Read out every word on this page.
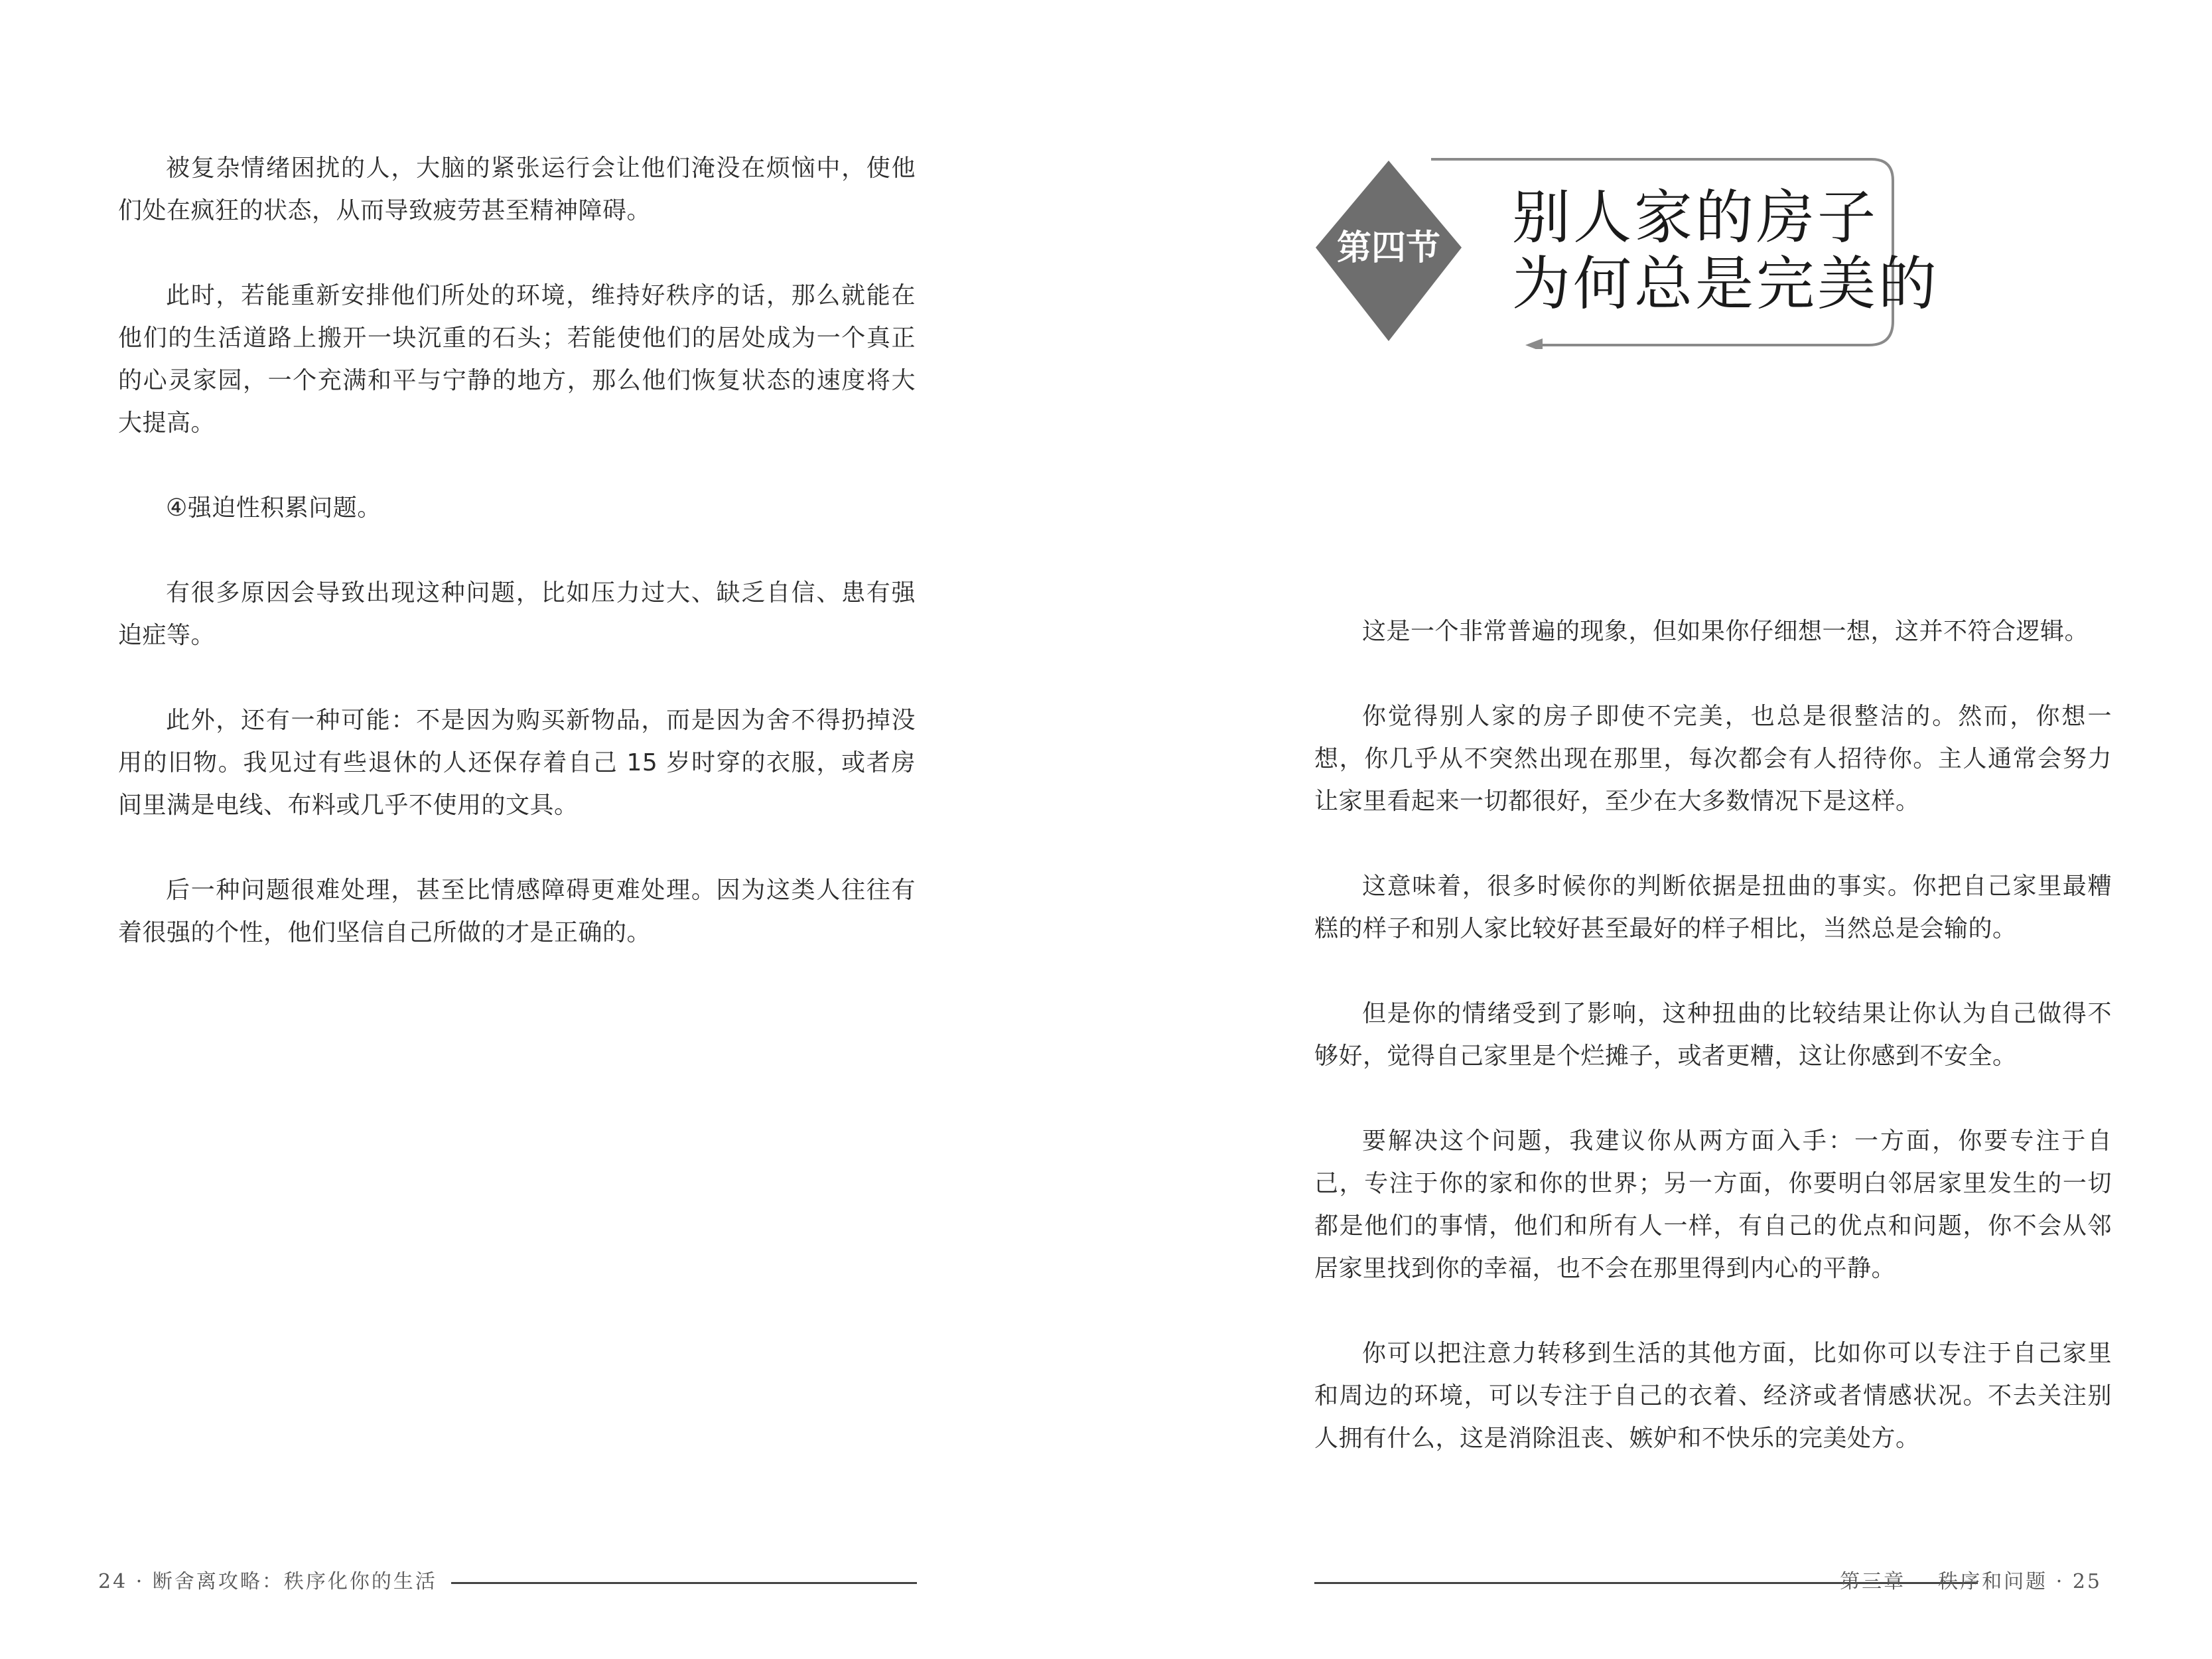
被复杂情绪困扰的人，大脑的紧张运行会让他们淹没在烦恼中，使他们处在疯狂的状态，从而导致疲劳甚至精神障碍。

此时，若能重新安排他们所处的环境，维持好秩序的话，那么就能在他们的生活道路上搬开一块沉重的石头；若能使他们的居处成为一个真正的心灵家园，一个充满和平与宁静的地方，那么他们恢复状态的速度将大大提高。

④强迫性积累问题。

有很多原因会导致出现这种问题，比如压力过大、缺乏自信、患有强迫症等。

此外，还有一种可能：不是因为购买新物品，而是因为舍不得扔掉没用的旧物。我见过有些退休的人还保存着自己 15 岁时穿的衣服，或者房间里满是电线、布料或几乎不使用的文具。

后一种问题很难处理，甚至比情感障碍更难处理。因为这类人往往有着很强的个性，他们坚信自己所做的才是正确的。

24 · 断舍离攻略：秩序化你的生活
第四节	别人家的房子
为何总是完美的

这是一个非常普遍的现象，但如果你仔细想一想，这并不符合逻辑。

你觉得别人家的房子即使不完美，也总是很整洁的。然而，你想一想，你几乎从不突然出现在那里，每次都会有人招待你。主人通常会努力让家里看起来一切都很好，至少在大多数情况下是这样。

这意味着，很多时候你的判断依据是扭曲的事实。你把自己家里最糟糕的样子和别人家比较好甚至最好的样子相比，当然总是会输的。

但是你的情绪受到了影响，这种扭曲的比较结果让你认为自己做得不够好，觉得自己家里是个烂摊子，或者更糟，这让你感到不安全。

要解决这个问题，我建议你从两方面入手：一方面，你要专注于自己，专注于你的家和你的世界；另一方面，你要明白邻居家里发生的一切都是他们的事情，他们和所有人一样，有自己的优点和问题，你不会从邻居家里找到你的幸福，也不会在那里得到内心的平静。

你可以把注意力转移到生活的其他方面，比如你可以专注于自己家里和周边的环境，可以专注于自己的衣着、经济或者情感状况。不去关注别人拥有什么，这是消除沮丧、嫉妒和不快乐的完美处方。

第三章 秩序和问题 · 25
